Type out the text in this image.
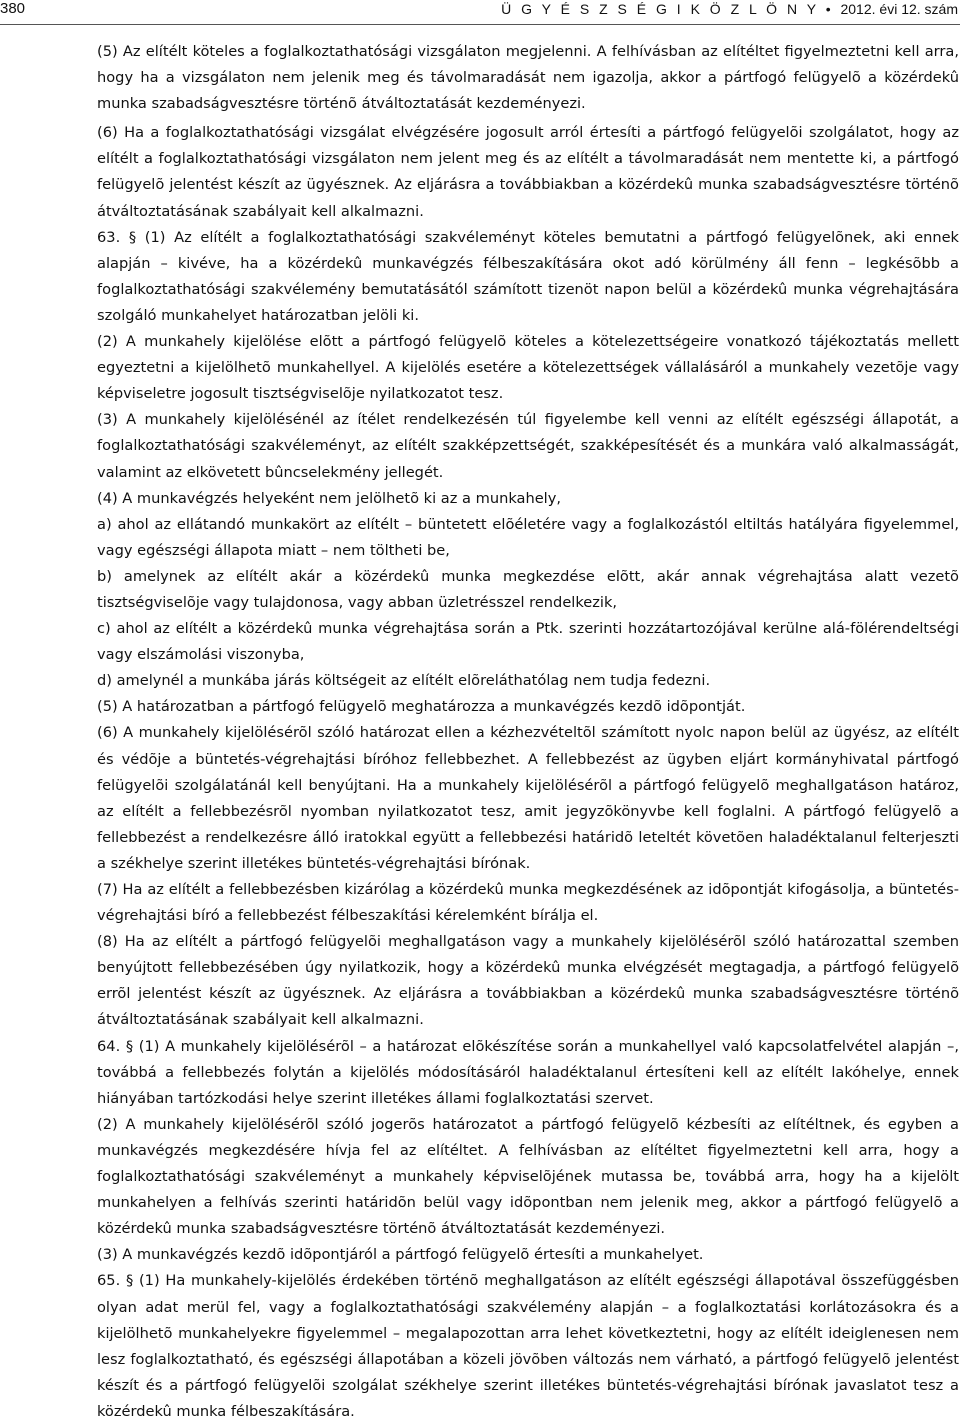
380	Ü G Y É S Z S É G I K Ö Z L Ö N Y • 2012. évi 12. szám

(5) Az elítélt köteles a foglalkoztathatósági vizsgálaton megjelenni. A felhívásban az elítéltet figyelmeztetni kell arra, hogy ha a vizsgálaton nem jelenik meg és távolmaradását nem igazolja, akkor a pártfogó felügyelõ a közérdekû munka szabadságvesztésre történõ átváltoztatását kezdeményezi.

(6) Ha a foglalkoztathatósági vizsgálat elvégzésére jogosult arról értesíti a pártfogó felügyelõi szolgálatot, hogy az elítélt a foglalkoztathatósági vizsgálaton nem jelent meg és az elítélt a távolmaradását nem mentette ki, a pártfogó felügyelõ jelentést készít az ügyésznek. Az eljárásra a továbbiakban a közérdekû munka szabadságvesztésre történõ átváltoztatásának szabályait kell alkalmazni.

63. § (1) Az elítélt a foglalkoztathatósági szakvéleményt köteles bemutatni a pártfogó felügyelõnek, aki ennek alapján – kivéve, ha a közérdekû munkavégzés félbeszakítására okot adó körülmény áll fenn – legkésõbb a foglalkoztathatósági szakvélemény bemutatásától számított tizenöt napon belül a közérdekû munka végrehajtására szolgáló munkahelyet határozatban jelöli ki.

(2) A munkahely kijelölése elõtt a pártfogó felügyelõ köteles a kötelezettségeire vonatkozó tájékoztatás mellett egyeztetni a kijelölhetõ munkahellyel. A kijelölés esetére a kötelezettségek vállalásáról a munkahely vezetõje vagy képviseletre jogosult tisztségviselõje nyilatkozatot tesz.

(3) A munkahely kijelölésénél az ítélet rendelkezésén túl figyelembe kell venni az elítélt egészségi állapotát, a foglalkoztathatósági szakvéleményt, az elítélt szakképzettségét, szakképesítését és a munkára való alkalmasságát, valamint az elkövetett bûncselekmény jellegét.

(4) A munkavégzés helyeként nem jelölhetõ ki az a munkahely,

a) ahol az ellátandó munkakört az elítélt – büntetett elõéletére vagy a foglalkozástól eltiltás hatályára figyelemmel, vagy egészségi állapota miatt – nem töltheti be,

b) amelynek az elítélt akár a közérdekû munka megkezdése elõtt, akár annak végrehajtása alatt vezetõ tisztségviselõje vagy tulajdonosa, vagy abban üzletrésszel rendelkezik,

c) ahol az elítélt a közérdekû munka végrehajtása során a Ptk. szerinti hozzátartozójával kerülne alá-fölérendeltségi vagy elszámolási viszonyba,

d) amelynél a munkába járás költségeit az elítélt elõreláthatólag nem tudja fedezni.

(5) A határozatban a pártfogó felügyelõ meghatározza a munkavégzés kezdõ idõpontját.

(6) A munkahely kijelölésérõl szóló határozat ellen a kézhezvételtõl számított nyolc napon belül az ügyész, az elítélt és védõje a büntetés-végrehajtási bíróhoz fellebbezhet. A fellebbezést az ügyben eljárt kormányhivatal pártfogó felügyelõi szolgálatánál kell benyújtani. Ha a munkahely kijelölésérõl a pártfogó felügyelõ meghallgatáson határoz, az elítélt a fellebbezésrõl nyomban nyilatkozatot tesz, amit jegyzõkönyvbe kell foglalni. A pártfogó felügyelõ a fellebbezést a rendelkezésre álló iratokkal együtt a fellebbezési határidõ leteltét követõen haladéktalanul felterjeszti a székhelye szerint illetékes büntetés-végrehajtási bírónak.

(7) Ha az elítélt a fellebbezésben kizárólag a közérdekû munka megkezdésének az idõpontját kifogásolja, a büntetés-végrehajtási bíró a fellebbezést félbeszakítási kérelemként bírálja el.

(8) Ha az elítélt a pártfogó felügyelõi meghallgatáson vagy a munkahely kijelölésérõl szóló határozattal szemben benyújtott fellebbezésében úgy nyilatkozik, hogy a közérdekû munka elvégzését megtagadja, a pártfogó felügyelõ errõl jelentést készít az ügyésznek. Az eljárásra a továbbiakban a közérdekû munka szabadságvesztésre történõ átváltoztatásának szabályait kell alkalmazni.

64. § (1) A munkahely kijelölésérõl – a határozat elõkészítése során a munkahellyel való kapcsolatfelvétel alapján –, továbbá a fellebbezés folytán a kijelölés módosításáról haladéktalanul értesíteni kell az elítélt lakóhelye, ennek hiányában tartózkodási helye szerint illetékes állami foglalkoztatási szervet.

(2) A munkahely kijelölésérõl szóló jogerõs határozatot a pártfogó felügyelõ kézbesíti az elítéltnek, és egyben a munkavégzés megkezdésére hívja fel az elítéltet. A felhívásban az elítéltet figyelmeztetni kell arra, hogy a foglalkoztathatósági szakvéleményt a munkahely képviselõjének mutassa be, továbbá arra, hogy ha a kijelölt munkahelyen a felhívás szerinti határidõn belül vagy idõpontban nem jelenik meg, akkor a pártfogó felügyelõ a közérdekû munka szabadságvesztésre történõ átváltoztatását kezdeményezi.

(3) A munkavégzés kezdõ idõpontjáról a pártfogó felügyelõ értesíti a munkahelyet.

65. § (1) Ha munkahely-kijelölés érdekében történõ meghallgatáson az elítélt egészségi állapotával összefüggésben olyan adat merül fel, vagy a foglalkoztathatósági szakvélemény alapján – a foglalkoztatási korlátozásokra és a kijelölhetõ munkahelyekre figyelemmel – megalapozottan arra lehet következtetni, hogy az elítélt ideiglenesen nem lesz foglalkoztatható, és egészségi állapotában a közeli jövõben változás nem várható, a pártfogó felügyelõ jelentést készít és a pártfogó felügyelõi szolgálat székhelye szerint illetékes büntetés-végrehajtási bírónak javaslatot tesz a közérdekû munka félbeszakítására.
